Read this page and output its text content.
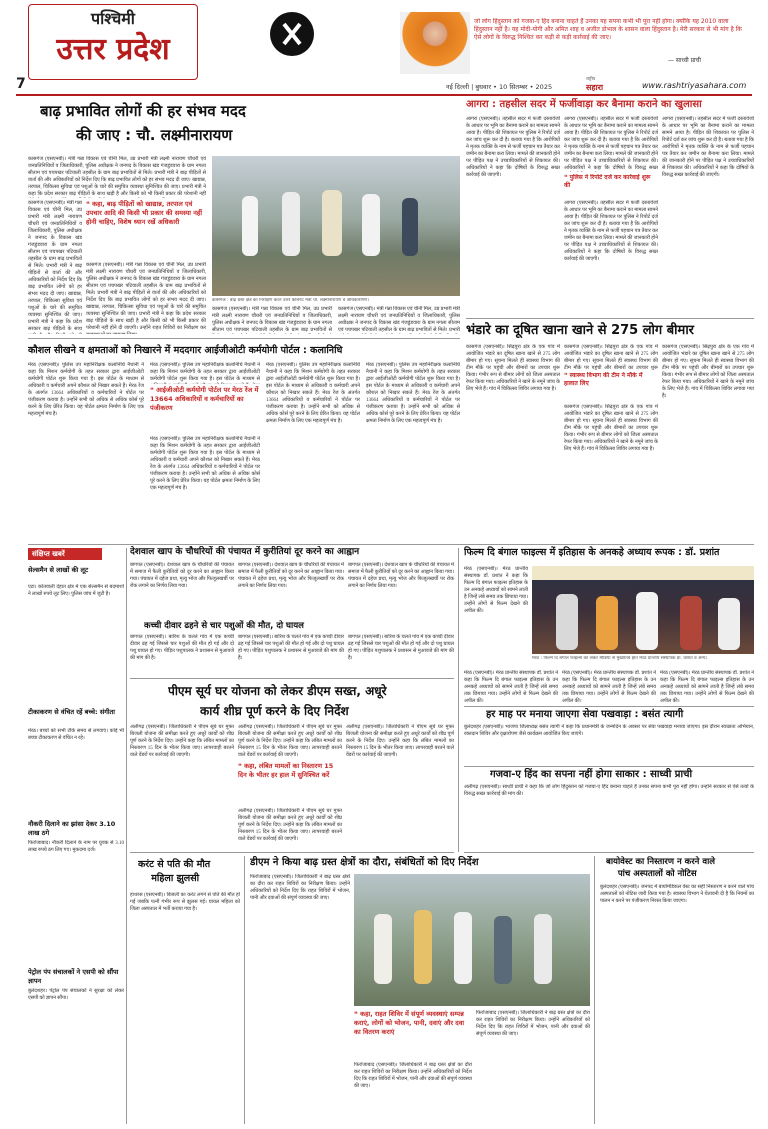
पश्चिमी
उत्तर प्रदेश
जो लोग हिंदुस्तान को गजवा-ए हिंद बनाना चाहते हैं उनका यह सपना कभी भी पूरा नहीं होगा। क्योंकि यह 2010 वाला हिंदुस्तान नहीं है। यह मोदी-योगी और अमित शाह व अजीत डोभाल के शासन वाला हिंदुस्तान है। मेरी सरकार से भी मांग है कि ऐसे लोगों के विरुद्ध निश्चित कर कड़ी से कड़ी कार्रवाई की जाए।
— साध्वी प्राची
7	नई दिल्ली | बुधवार • 10 सितम्बर • 2025
राष्ट्रीय
सहारा	www.rashtriyasahara.com
बाढ़ प्रभावित लोगों की हर संभव मदद
की जाए : चौ. लक्ष्मीनारायण
कासगंज (एसएनबी)। मंत्री गन्ना विकास एवं चीनी मिल, उप्र प्रभारी मंत्री लक्ष्मी नारायण चौधरी एवं जनप्रतिनिधियों व जिलाधिकारी, पुलिस अधीक्षक ने जनपद के विकास खंड गंजडुंडवारा के ग्राम नगला सीताम एवं पचपखर पटियाली तहसील के ग्राम बाढ़ प्रभावितों से मिले। प्रभारी मंत्री ने बाढ़ पीड़ितों से वार्ता की और अधिकारियों को निर्देश दिए कि बाढ़ प्रभावित लोगों को हर संभव मदद दी जाए। खाद्यान्न, तरपाल, चिकित्सा सुविधा एवं पशुओं के चारे की समुचित व्यवस्था सुनिश्चित की जाए। प्रभारी मंत्री ने कहा कि प्रदेश सरकार बाढ़ पीड़ितों के साथ खड़ी है और किसी को भी किसी प्रकार की परेशानी नहीं
कासगंज (एसएनबी)। मंत्री गन्ना विकास एवं चीनी मिल, उप्र प्रभारी मंत्री लक्ष्मी नारायण चौधरी एवं जनप्रतिनिधियों व जिलाधिकारी, पुलिस अधीक्षक ने जनपद के विकास खंड गंजडुंडवारा के ग्राम नगला सीताम एवं पचपखर पटियाली तहसील के ग्राम बाढ़ प्रभावितों से मिले। प्रभारी मंत्री ने बाढ़ पीड़ितों से वार्ता की और अधिकारियों को निर्देश दिए कि बाढ़ प्रभावित लोगों को हर संभव मदद दी जाए। खाद्यान्न, तरपाल, चिकित्सा सुविधा एवं पशुओं के चारे की समुचित व्यवस्था सुनिश्चित की जाए। प्रभारी मंत्री ने कहा कि प्रदेश सरकार बाढ़ पीड़ितों के साथ
❝ कहा, बाढ़ पीड़ितों को खाद्यान्न, तरपाल एवं उपचार आदि की किसी भी प्रकार की समस्या नहीं होनी चाहिए, विशेष ध्यान रखें अधिकारी
कासगंज (एसएनबी)। मंत्री गन्ना विकास एवं चीनी मिल, उप्र प्रभारी मंत्री लक्ष्मी नारायण चौधरी एवं जनप्रतिनिधियों व जिलाधिकारी, पुलिस अधीक्षक ने जनपद के विकास खंड गंजडुंडवारा के ग्राम नगला सीताम एवं पचपखर पटियाली तहसील के ग्राम बाढ़ प्रभावितों से मिले। प्रभारी मंत्री ने बाढ़ पीड़ितों से वार्ता की और अधिकारियों को निर्देश दिए कि बाढ़ प्रभावित लोगों को हर संभव मदद दी जाए। खाद्यान्न, तरपाल, चिकित्सा सुविधा एवं पशुओं के चारे की समुचित व्यवस्था सुनिश्चित की जाए। प्रभारी मंत्री ने कहा कि प्रदेश सरकार बाढ़ पीड़ितों के साथ खड़ी है और किसी को भी किसी प्रकार की परेशानी नहीं होने दी जाएगी। उन्होंने राहत शिविरों का निरीक्षण कर
कासगंज : बाढ़ ग्रस्त क्षेत्र का निरीक्षण करते उत्तरे कैबिनेट मंत्री चौ. लक्ष्मीनारायण व अधिकारीगण।
कासगंज (एसएनबी)। मंत्री गन्ना विकास एवं चीनी मिल, उप्र प्रभारी मंत्री लक्ष्मी नारायण चौधरी एवं जनप्रतिनिधियों व जिलाधिकारी, पुलिस अधीक्षक ने जनपद के विकास खंड गंजडुंडवारा के ग्राम नगला सीताम एवं पचपखर पटियाली तहसील के ग्राम बाढ़ प्रभावितों से
कासगंज (एसएनबी)। मंत्री गन्ना विकास एवं चीनी मिल, उप्र प्रभारी मंत्री लक्ष्मी नारायण चौधरी एवं जनप्रतिनिधियों व जिलाधिकारी, पुलिस अधीक्षक ने जनपद के विकास खंड गंजडुंडवारा के ग्राम नगला सीताम एवं पचपखर पटियाली तहसील के ग्राम बाढ़ प्रभावितों से मिले। प्रभारी
आगरा : तहसील सदर में फर्जीवाड़ा कर बैनामा कराने का खुलासा
आगरा (एसएनबी)। तहसील सदर में फर्जी दस्तावेजों के आधार पर भूमि का बैनामा कराने का मामला सामने आया है। पीड़ित की शिकायत पर पुलिस ने रिपोर्ट दर्ज कर जांच शुरू कर दी है। बताया गया है कि आरोपियों ने मृतक व्यक्ति के नाम से फर्जी पहचान पत्र तैयार कर जमीन का बैनामा करा लिया। मामले की जानकारी होने पर पीड़ित पक्ष ने उच्चाधिकारियों से शिकायत की। अधिकारियों ने कहा कि दोषियों के विरुद्ध सख्त कार्रवाई की जाएगी।	❝ पुलिस ने रिपोर्ट दर्ज कर कार्रवाई शुरू की
आगरा (एसएनबी)। तहसील सदर में फर्जी दस्तावेजों के आधार पर भूमि का बैनामा कराने का मामला सामने आया है। पीड़ित की शिकायत पर पुलिस ने रिपोर्ट दर्ज कर जांच शुरू कर दी है। बताया गया है कि आरोपियों ने मृतक व्यक्ति के नाम से फर्जी पहचान पत्र तैयार कर जमीन का बैनामा करा लिया। मामले की जानकारी होने पर पीड़ित पक्ष ने उच्चाधिकारियों से शिकायत की। अधिकारियों ने कहा कि दोषियों के विरुद्ध सख्त
आगरा (एसएनबी)। तहसील सदर में फर्जी दस्तावेजों के आधार पर भूमि का बैनामा कराने का मामला सामने आया है। पीड़ित की शिकायत पर पुलिस ने रिपोर्ट दर्ज कर जांच शुरू कर दी है। बताया गया है कि आरोपियों ने मृतक व्यक्ति के नाम से फर्जी पहचान पत्र तैयार कर जमीन का बैनामा करा लिया। मामले की जानकारी होने पर पीड़ित पक्ष ने उच्चाधिकारियों से शिकायत की। अधिकारियों ने कहा कि दोषियों के विरुद्ध सख्त कार्रवाई की जाएगी।
आगरा (एसएनबी)। तहसील सदर में फर्जी दस्तावेजों के आधार पर भूमि का बैनामा कराने का मामला सामने आया है। पीड़ित की शिकायत पर पुलिस ने रिपोर्ट दर्ज कर जांच शुरू कर दी है। बताया गया है कि आरोपियों ने मृतक व्यक्ति के नाम से फर्जी पहचान पत्र तैयार कर जमीन का बैनामा करा लिया। मामले की जानकारी होने पर पीड़ित पक्ष ने उच्चाधिकारियों से शिकायत की। अधिकारियों ने कहा कि दोषियों के विरुद्ध सख्त कार्रवाई की जाएगी।
कौशल सीखने व क्षमताओं को निखारने में मददगार आईजीओटी कर्मयोगी पोर्टल : कलानिधि
मेरठ (एसएनबी)। पुलिस उप महानिरीक्षक कलानिधि नैथानी ने कहा कि मिशन कर्मयोगी के तहत सरकार द्वारा आईजीओटी कर्मयोगी पोर्टल शुरू किया गया है। इस पोर्टल के माध्यम से अधिकारी व कर्मचारी अपने कौशल को निखार सकते हैं। मेरठ रेंज के अंतर्गत 13664 अधिकारियों व कर्मचारियों ने पोर्टल पर पंजीकरण कराया है। उन्होंने सभी को अधिक से अधिक कोर्स पूरे करने के लिए प्रेरित किया। यह पोर्टल क्षमता निर्माण के लिए एक महत्वपूर्ण मंच है।
❝ आईजीओटी कर्मयोगी पोर्टल पर मेरठ रेंज में 13664 अधिकारियों व कर्मचारियों का पंजीकरण
मेरठ (एसएनबी)। पुलिस उप महानिरीक्षक कलानिधि नैथानी ने कहा कि मिशन कर्मयोगी के तहत सरकार द्वारा आईजीओटी कर्मयोगी पोर्टल शुरू किया गया है। इस पोर्टल के माध्यम से
मेरठ (एसएनबी)। पुलिस उप महानिरीक्षक कलानिधि नैथानी ने कहा कि मिशन कर्मयोगी के तहत सरकार द्वारा आईजीओटी कर्मयोगी पोर्टल शुरू किया गया है। इस पोर्टल के माध्यम से अधिकारी व कर्मचारी अपने कौशल को निखार सकते हैं। मेरठ रेंज के अंतर्गत 13664 अधिकारियों व कर्मचारियों ने पोर्टल पर पंजीकरण कराया है। उन्होंने सभी को अधिक से अधिक कोर्स पूरे करने के लिए प्रेरित किया। यह पोर्टल क्षमता निर्माण के लिए एक महत्वपूर्ण मंच है।
मेरठ (एसएनबी)। पुलिस उप महानिरीक्षक कलानिधि नैथानी ने कहा कि मिशन कर्मयोगी के तहत सरकार द्वारा आईजीओटी कर्मयोगी पोर्टल शुरू किया गया है। इस पोर्टल के माध्यम से अधिकारी व कर्मचारी अपने कौशल को निखार सकते हैं। मेरठ रेंज के अंतर्गत 13664 अधिकारियों व कर्मचारियों ने पोर्टल पर पंजीकरण कराया है। उन्होंने सभी को अधिक से अधिक कोर्स पूरे करने के लिए प्रेरित किया। यह पोर्टल क्षमता निर्माण के लिए एक महत्वपूर्ण मंच है।
मेरठ (एसएनबी)। पुलिस उप महानिरीक्षक कलानिधि नैथानी ने कहा कि मिशन कर्मयोगी के तहत सरकार द्वारा आईजीओटी कर्मयोगी पोर्टल शुरू किया गया है। इस पोर्टल के माध्यम से अधिकारी व कर्मचारी अपने कौशल को निखार सकते हैं। मेरठ रेंज के अंतर्गत 13664 अधिकारियों व कर्मचारियों ने पोर्टल पर पंजीकरण कराया है। उन्होंने सभी को अधिक से अधिक कोर्स पूरे करने के लिए प्रेरित किया। यह पोर्टल क्षमता निर्माण के लिए एक महत्वपूर्ण मंच है।
भंडारे का दूषित खाना खाने से 275 लोग बीमार
कासगंज (एसएनबी)। सिढ़पुरा क्षेत्र के एक गांव में आयोजित भंडारे का दूषित खाना खाने से 275 लोग बीमार हो गए। सूचना मिलते ही स्वास्थ्य विभाग की टीम मौके पर पहुंची और बीमारों का उपचार शुरू किया। गंभीर रूप से बीमार लोगों को जिला अस्पताल रेफर किया गया। अधिकारियों ने खाने के नमूने जांच के लिए भेजे हैं। गांव में चिकित्सा शिविर लगाया गया है।
❝ स्वास्थ्य विभाग की टीम ने मौके में हालात लिए
कासगंज (एसएनबी)। सिढ़पुरा क्षेत्र के एक गांव में आयोजित भंडारे का दूषित खाना खाने से 275 लोग बीमार हो गए। सूचना मिलते ही स्वास्थ्य विभाग की टीम मौके पर पहुंची और बीमारों का उपचार शुरू
कासगंज (एसएनबी)। सिढ़पुरा क्षेत्र के एक गांव में आयोजित भंडारे का दूषित खाना खाने से 275 लोग बीमार हो गए। सूचना मिलते ही स्वास्थ्य विभाग की टीम मौके पर पहुंची और बीमारों का उपचार शुरू किया। गंभीर रूप से बीमार लोगों को जिला अस्पताल रेफर किया गया। अधिकारियों ने खाने के नमूने जांच के लिए भेजे हैं। गांव में चिकित्सा शिविर लगाया गया है।
कासगंज (एसएनबी)। सिढ़पुरा क्षेत्र के एक गांव में आयोजित भंडारे का दूषित खाना खाने से 275 लोग बीमार हो गए। सूचना मिलते ही स्वास्थ्य विभाग की टीम मौके पर पहुंची और बीमारों का उपचार शुरू किया। गंभीर रूप से बीमार लोगों को जिला अस्पताल रेफर किया गया। अधिकारियों ने खाने के नमूने जांच के लिए भेजे हैं। गांव में चिकित्सा शिविर लगाया गया है।
संक्षिप्त खबरें
सेल्समैन से लाखों की लूट
एटा। कोतवाली देहात क्षेत्र में एक सेल्समैन से बदमाशों ने लाखों रुपये लूट लिए। पुलिस जांच में जुटी है।
टीकाकरण से वंचित रहें बच्चे: संगीता
मेरठ। बच्चों को सभी टीके समय से लगवाएं। कोई भी बच्चा टीकाकरण से वंचित न रहे।
नौकरी दिलाने का झांसा देकर 3.10 लाख ठगे
फिरोजाबाद। नौकरी दिलाने के नाम पर युवक से 3.10 लाख रुपये ठग लिए गए। मुकदमा दर्ज।
पेट्रोल पंप संचालकों ने एसपी को सौंपा ज्ञापन
बुलंदशहर। पेट्रोल पंप संचालकों ने सुरक्षा को लेकर एसपी को ज्ञापन सौंपा।
देशवाल खाप के चौधरियों की पंचायत में कुरीतियां दूर करने का आह्वान
बागपत (एसएनबी)। देशवाल खाप के चौधरियों की पंचायत में समाज में फैली कुरीतियों को दूर करने का आह्वान किया गया। पंचायत में दहेज प्रथा, मृत्यु भोज और फिजूलखर्ची पर रोक लगाने का निर्णय लिया गया।
बागपत (एसएनबी)। देशवाल खाप के चौधरियों की पंचायत में समाज में फैली कुरीतियों को दूर करने का आह्वान किया गया। पंचायत में दहेज प्रथा, मृत्यु भोज और फिजूलखर्ची पर रोक लगाने का निर्णय लिया गया।
बागपत (एसएनबी)। देशवाल खाप के चौधरियों की पंचायत में समाज में फैली कुरीतियों को दूर करने का आह्वान किया गया। पंचायत में दहेज प्रथा, मृत्यु भोज और फिजूलखर्ची पर रोक लगाने का निर्णय लिया गया।
कच्ची दीवार ढहने से चार पशुओं की मौत, दो घायल
बागपत (एसएनबी)। बारिश के चलते गांव में एक कच्ची दीवार ढह गई जिससे चार पशुओं की मौत हो गई और दो पशु घायल हो गए। पीड़ित पशुपालक ने प्रशासन से मुआवजे की मांग की है।
बागपत (एसएनबी)। बारिश के चलते गांव में एक कच्ची दीवार ढह गई जिससे चार पशुओं की मौत हो गई और दो पशु घायल हो गए। पीड़ित पशुपालक ने प्रशासन से मुआवजे की मांग की है।
बागपत (एसएनबी)। बारिश के चलते गांव में एक कच्ची दीवार ढह गई जिससे चार पशुओं की मौत हो गई और दो पशु घायल हो गए। पीड़ित पशुपालक ने प्रशासन से मुआवजे की मांग की है।
पीएम सूर्य घर योजना को लेकर डीएम सख्त, अधूरे
कार्य शीघ्र पूर्ण करने के दिए निर्देश
अलीगढ़ (एसएनबी)। जिलाधिकारी ने पीएम सूर्य घर मुफ्त बिजली योजना की समीक्षा करते हुए अधूरे कार्यों को शीघ्र पूर्ण करने के निर्देश दिए। उन्होंने कहा कि लंबित मामलों का निस्तारण 15 दिन के भीतर किया जाए। लापरवाही बरतने वाले वेंडरों पर कार्रवाई की जाएगी।
❝ कहा, लंबित मामलों का निस्तारण 15 दिन के भीतर हर हाल में सुनिश्चित करें
अलीगढ़ (एसएनबी)। जिलाधिकारी ने पीएम सूर्य घर मुफ्त बिजली योजना की समीक्षा करते हुए अधूरे कार्यों को शीघ्र पूर्ण करने के निर्देश दिए। उन्होंने कहा कि लंबित मामलों का निस्तारण 15 दिन के भीतर किया जाए। लापरवाही बरतने वाले वेंडरों पर कार्रवाई की जाएगी।
अलीगढ़ (एसएनबी)। जिलाधिकारी ने पीएम सूर्य घर मुफ्त बिजली योजना की समीक्षा करते हुए अधूरे कार्यों को शीघ्र पूर्ण करने के निर्देश दिए। उन्होंने कहा कि लंबित मामलों का निस्तारण 15 दिन के भीतर किया जाए। लापरवाही बरतने वाले वेंडरों पर कार्रवाई की जाएगी।
अलीगढ़ (एसएनबी)। जिलाधिकारी ने पीएम सूर्य घर मुफ्त बिजली योजना की समीक्षा करते हुए अधूरे कार्यों को शीघ्र पूर्ण करने के निर्देश दिए। उन्होंने कहा कि लंबित मामलों का निस्तारण 15 दिन के भीतर किया जाए। लापरवाही बरतने वाले वेंडरों पर कार्रवाई की जाएगी।
करंट से पति की मौत
महिला झुलसी
हाथरस (एसएनबी)। बिजली का करंट लगने से पति की मौत हो गई जबकि पत्नी गंभीर रूप से झुलस गई। घायल महिला को जिला अस्पताल में भर्ती कराया गया है।
डीएम ने किया बाढ़ ग्रस्त क्षेत्रों का दौरा, संबंधितों को दिए निर्देश
फिरोजाबाद (एसएनबी)। जिलाधिकारी ने बाढ़ ग्रस्त क्षेत्रों का दौरा कर राहत शिविरों का निरीक्षण किया। उन्होंने अधिकारियों को निर्देश दिए कि राहत शिविरों में भोजन, पानी और दवाओं की संपूर्ण व्यवस्था की जाए।
❝ कहा, राहत शिविर में संपूर्ण व्यवस्थाएं सम्पन्न कराएं, लोगों को भोजन, पानी, दवाएं और दवा का वितरण कराएं
फिरोजाबाद (एसएनबी)। जिलाधिकारी ने बाढ़ ग्रस्त क्षेत्रों का दौरा कर राहत शिविरों का निरीक्षण किया। उन्होंने अधिकारियों को निर्देश दिए कि राहत शिविरों में भोजन, पानी और दवाओं की संपूर्ण व्यवस्था की जाए।
फिरोजाबाद (एसएनबी)। जिलाधिकारी ने बाढ़ ग्रस्त क्षेत्रों का दौरा कर राहत शिविरों का निरीक्षण किया। उन्होंने अधिकारियों को निर्देश दिए कि राहत शिविरों में भोजन, पानी और दवाओं की संपूर्ण व्यवस्था की जाए।
फिल्म दि बंगाल फाइल्स में इतिहास के अनकहे अध्याय रूपक : डॉ. प्रशांत
मेरठ (एसएनबी)। मेरठ प्रान्तीय संस्थापक डॉ. प्रशांत ने कहा कि फिल्म दि बंगाल फाइल्स इतिहास के उन अनकहे अध्यायों को सामने लाती है जिन्हें लंबे समय तक छिपाया गया। उन्होंने लोगों से फिल्म देखने की अपील की।
मेरठ : फिल्म दि बंगाल फाइल्स को लेकर मीडिया से मुखातिब होते मेरठ प्रान्तीय संस्थापक डॉ. प्रशांत व अन्य।
मेरठ (एसएनबी)। मेरठ प्रान्तीय संस्थापक डॉ. प्रशांत ने कहा कि फिल्म दि बंगाल फाइल्स इतिहास के उन अनकहे अध्यायों को सामने लाती है जिन्हें लंबे समय तक छिपाया गया। उन्होंने लोगों से फिल्म देखने की अपील की।
मेरठ (एसएनबी)। मेरठ प्रान्तीय संस्थापक डॉ. प्रशांत ने कहा कि फिल्म दि बंगाल फाइल्स इतिहास के उन अनकहे अध्यायों को सामने लाती है जिन्हें लंबे समय तक छिपाया गया। उन्होंने लोगों से फिल्म देखने की अपील की।
मेरठ (एसएनबी)। मेरठ प्रान्तीय संस्थापक डॉ. प्रशांत ने कहा कि फिल्म दि बंगाल फाइल्स इतिहास के उन अनकहे अध्यायों को सामने लाती है जिन्हें लंबे समय तक छिपाया गया। उन्होंने लोगों से फिल्म देखने की अपील की।
हर माह पर मनाया जाएगा सेवा पखवाड़ा : बसंत त्यागी
बुलंदशहर (एसएनबी)। भाजपा जिलाध्यक्ष बसंत त्यागी ने कहा कि प्रधानमंत्री के जन्मदिन के अवसर पर सेवा पखवाड़ा मनाया जाएगा। इस दौरान स्वच्छता अभियान, रक्तदान शिविर और वृक्षारोपण जैसे कार्यक्रम आयोजित किए जाएंगे।
गजवा-ए हिंद का सपना नहीं होगा साकार : साध्वी प्राची
अलीगढ़ (एसएनबी)। साध्वी प्राची ने कहा कि जो लोग हिंदुस्तान को गजवा-ए हिंद बनाना चाहते हैं उनका सपना कभी पूरा नहीं होगा। उन्होंने सरकार से ऐसे तत्वों के विरुद्ध सख्त कार्रवाई की मांग की।
बायोवेस्ट का निस्तारण न करने वाले
पांच अस्पतालों को नोटिस
बुलंदशहर (एसएनबी)। जनपद में बायोमेडिकल वेस्ट का सही निस्तारण न करने वाले पांच अस्पतालों को नोटिस जारी किया गया है। स्वास्थ्य विभाग ने चेतावनी दी है कि नियमों का पालन न करने पर पंजीकरण निरस्त किया जाएगा।
